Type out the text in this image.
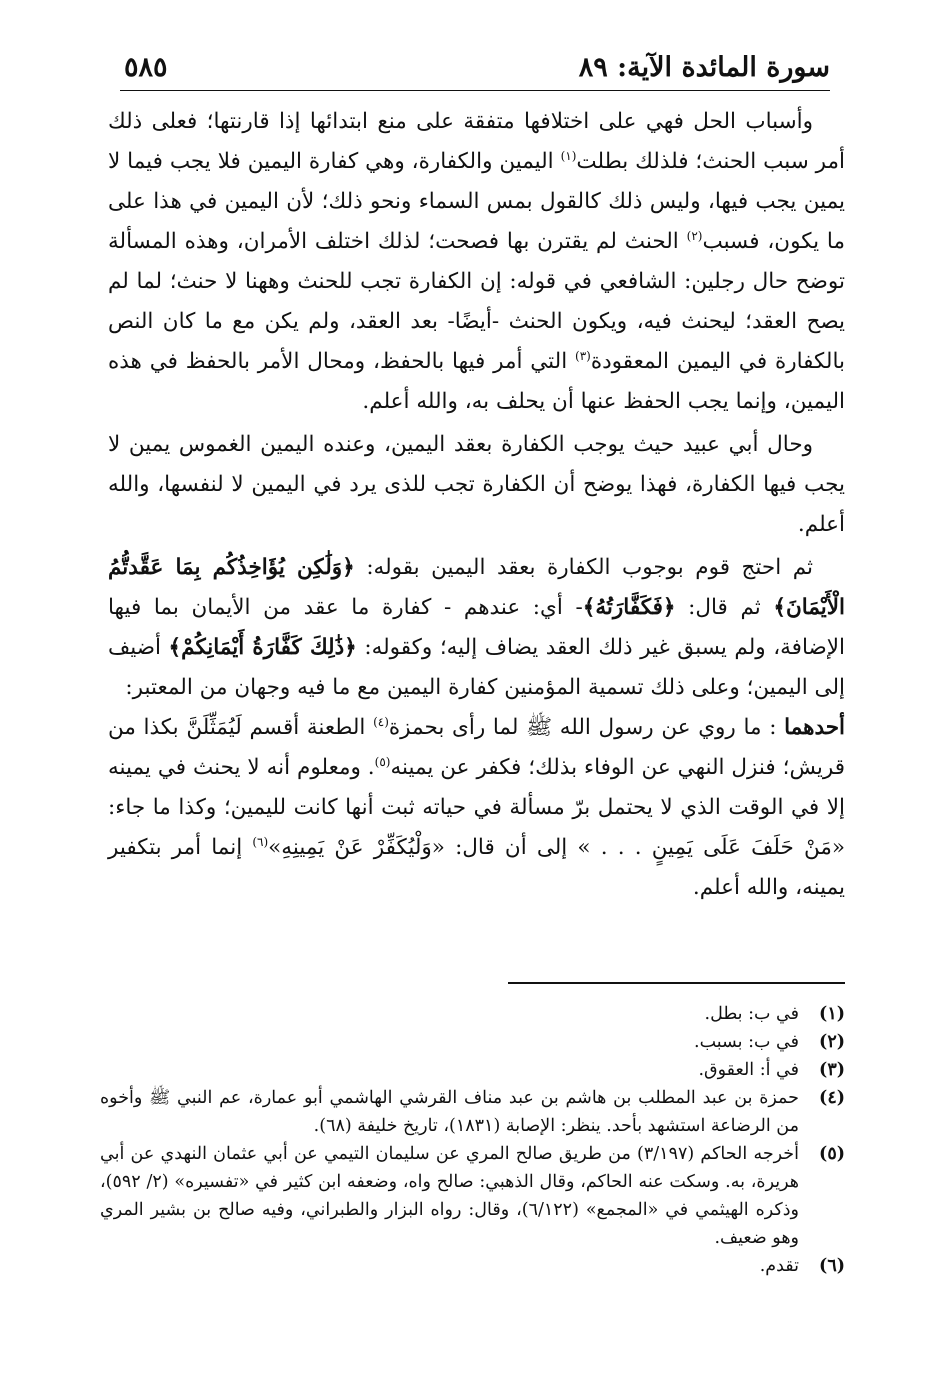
سورة المائدة الآية: ٨٩
٥٨٥

وأسباب الحل فهي على اختلافها متفقة على منع ابتدائها إذا قارنتها؛ فعلى ذلك أمر سبب الحنث؛ فلذلك بطلت$^{(١)}$ اليمين والكفارة، وهي كفارة اليمين فلا يجب فيما لا يمين يجب فيها، وليس ذلك كالقول بمس السماء ونحو ذلك؛ لأن اليمين في هذا على ما يكون، فسبب$^{(٢)}$ الحنث لم يقترن بها فصحت؛ لذلك اختلف الأمران، وهذه المسألة توضح حال رجلين: الشافعي في قوله: إن الكفارة تجب للحنث وههنا لا حنث؛ لما لم يصح العقد؛ ليحنث فيه، ويكون الحنث -أيضًا- بعد العقد، ولم يكن مع ما كان النص بالكفارة في اليمين المعقودة$^{(٣)}$ التي أمر فيها بالحفظ، ومحال الأمر بالحفظ في هذه اليمين، وإنما يجب الحفظ عنها أن يحلف به، والله أعلم.

وحال أبي عبيد حيث يوجب الكفارة بعقد اليمين، وعنده اليمين الغموس يمين لا يجب فيها الكفارة، فهذا يوضح أن الكفارة تجب للذى يرد في اليمين لا لنفسها، والله أعلم.

ثم احتج قوم بوجوب الكفارة بعقد اليمين بقوله: ﴿وَلَٰكِن يُؤَاخِذُكُم بِمَا عَقَّدتُّمُ الْأَيْمَانَ﴾ ثم قال: ﴿فَكَفَّارَتُهُ﴾- أي: عندهم - كفارة ما عقد من الأيمان بما فيها الإضافة، ولم يسبق غير ذلك العقد يضاف إليه؛ وكقوله: ﴿ذَٰلِكَ كَفَّارَةُ أَيْمَانِكُمْ﴾ أضيف إلى اليمين؛ وعلى ذلك تسمية المؤمنين كفارة اليمين مع ما فيه وجهان من المعتبر:

أحدهما : ما روي عن رسول الله ﷺ لما رأى بحمزة$^{(٤)}$ الطعنة أقسم لَيُمَثِّلَنَّ بكذا من قريش؛ فنزل النهي عن الوفاء بذلك؛ فكفر عن يمينه$^{(٥)}$. ومعلوم أنه لا يحنث في يمينه إلا في الوقت الذي لا يحتمل برّ مسألة في حياته ثبت أنها كانت لليمين؛ وكذا ما جاء: «مَنْ حَلَفَ عَلَى يَمِينٍ . . . » إلى أن قال: «وَلْيُكَفِّرْ عَنْ يَمِينِهِ»$^{(٦)}$ إنما أمر بتكفير يمينه، والله أعلم.

(١)
في ب: بطل.
(٢)
في ب: بسبب.
(٣)
في أ: العقوق.
(٤)
حمزة بن عبد المطلب بن هاشم بن عبد مناف القرشي الهاشمي أبو عمارة، عم النبي ﷺ وأخوه من الرضاعة استشهد بأحد. ينظر: الإصابة (١٨٣١)، تاريخ خليفة (٦٨).
(٥)
أخرجه الحاكم (٣/١٩٧) من طريق صالح المري عن سليمان التيمي عن أبي عثمان النهدي عن أبي هريرة، به. وسكت عنه الحاكم، وقال الذهبي: صالح واه، وضعفه ابن كثير في «تفسيره» (٢/ ٥٩٢)، وذكره الهيثمي في «المجمع» (٦/١٢٢)، وقال: رواه البزار والطبراني، وفيه صالح بن بشير المري وهو ضعيف.
(٦)
تقدم.
